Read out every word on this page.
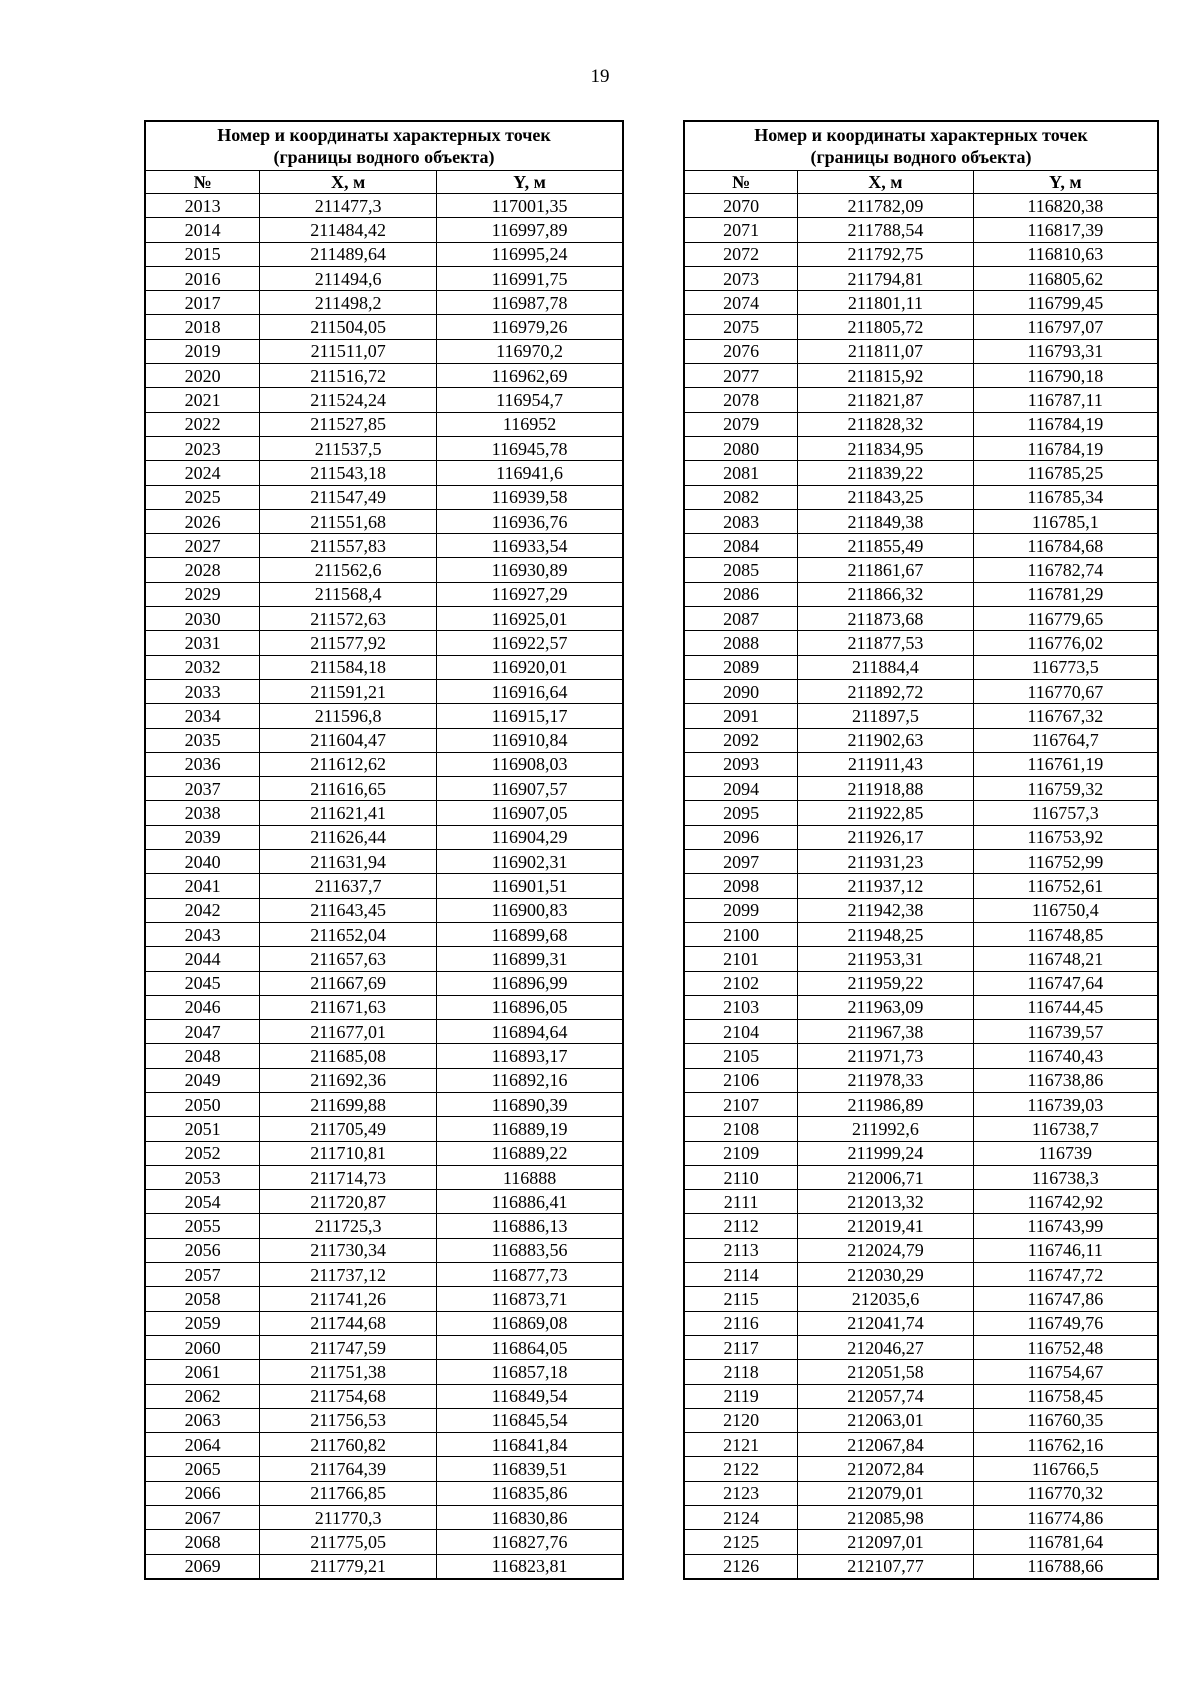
19
Номер и координаты характерных точек
(границы водного объекта)		

№	X, м	Y, м
2013	211477,3	117001,35
2014	211484,42	116997,89
2015	211489,64	116995,24
2016	211494,6	116991,75
2017	211498,2	116987,78
2018	211504,05	116979,26
2019	211511,07	116970,2
2020	211516,72	116962,69
2021	211524,24	116954,7
2022	211527,85	116952
2023	211537,5	116945,78
2024	211543,18	116941,6
2025	211547,49	116939,58
2026	211551,68	116936,76
2027	211557,83	116933,54
2028	211562,6	116930,89
2029	211568,4	116927,29
2030	211572,63	116925,01
2031	211577,92	116922,57
2032	211584,18	116920,01
2033	211591,21	116916,64
2034	211596,8	116915,17
2035	211604,47	116910,84
2036	211612,62	116908,03
2037	211616,65	116907,57
2038	211621,41	116907,05
2039	211626,44	116904,29
2040	211631,94	116902,31
2041	211637,7	116901,51
2042	211643,45	116900,83
2043	211652,04	116899,68
2044	211657,63	116899,31
2045	211667,69	116896,99
2046	211671,63	116896,05
2047	211677,01	116894,64
2048	211685,08	116893,17
2049	211692,36	116892,16
2050	211699,88	116890,39
2051	211705,49	116889,19
2052	211710,81	116889,22
2053	211714,73	116888
2054	211720,87	116886,41
2055	211725,3	116886,13
2056	211730,34	116883,56
2057	211737,12	116877,73
2058	211741,26	116873,71
2059	211744,68	116869,08
2060	211747,59	116864,05
2061	211751,38	116857,18
2062	211754,68	116849,54
2063	211756,53	116845,54
2064	211760,82	116841,84
2065	211764,39	116839,51
2066	211766,85	116835,86
2067	211770,3	116830,86
2068	211775,05	116827,76
2069	211779,21	116823,81
Номер и координаты характерных точек
(границы водного объекта)		

№	X, м	Y, м
2070	211782,09	116820,38
2071	211788,54	116817,39
2072	211792,75	116810,63
2073	211794,81	116805,62
2074	211801,11	116799,45
2075	211805,72	116797,07
2076	211811,07	116793,31
2077	211815,92	116790,18
2078	211821,87	116787,11
2079	211828,32	116784,19
2080	211834,95	116784,19
2081	211839,22	116785,25
2082	211843,25	116785,34
2083	211849,38	116785,1
2084	211855,49	116784,68
2085	211861,67	116782,74
2086	211866,32	116781,29
2087	211873,68	116779,65
2088	211877,53	116776,02
2089	211884,4	116773,5
2090	211892,72	116770,67
2091	211897,5	116767,32
2092	211902,63	116764,7
2093	211911,43	116761,19
2094	211918,88	116759,32
2095	211922,85	116757,3
2096	211926,17	116753,92
2097	211931,23	116752,99
2098	211937,12	116752,61
2099	211942,38	116750,4
2100	211948,25	116748,85
2101	211953,31	116748,21
2102	211959,22	116747,64
2103	211963,09	116744,45
2104	211967,38	116739,57
2105	211971,73	116740,43
2106	211978,33	116738,86
2107	211986,89	116739,03
2108	211992,6	116738,7
2109	211999,24	116739
2110	212006,71	116738,3
2111	212013,32	116742,92
2112	212019,41	116743,99
2113	212024,79	116746,11
2114	212030,29	116747,72
2115	212035,6	116747,86
2116	212041,74	116749,76
2117	212046,27	116752,48
2118	212051,58	116754,67
2119	212057,74	116758,45
2120	212063,01	116760,35
2121	212067,84	116762,16
2122	212072,84	116766,5
2123	212079,01	116770,32
2124	212085,98	116774,86
2125	212097,01	116781,64
2126	212107,77	116788,66
